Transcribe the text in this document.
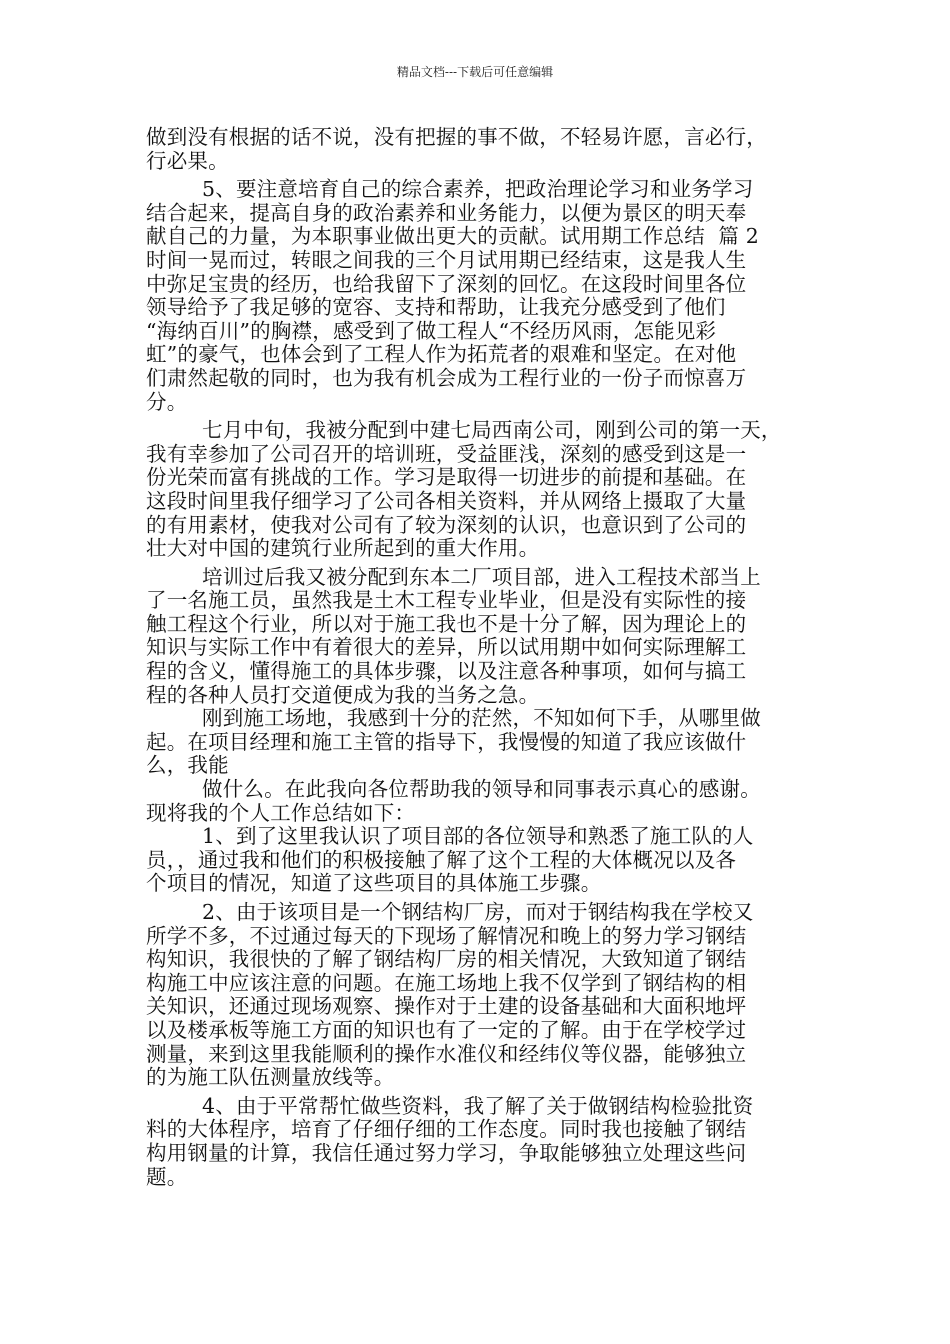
精品文档---下载后可任意编辑
做到没有根据的话不说，没有把握的事不做，不轻易许愿，言必行，
行必果。
5、要注意培育自己的综合素养，把政治理论学习和业务学习
结合起来，提高自身的政治素养和业务能力，以便为景区的明天奉
献自己的力量，为本职事业做出更大的贡献。试用期工作总结  篇 2
时间一晃而过，转眼之间我的三个月试用期已经结束，这是我人生
中弥足宝贵的经历，也给我留下了深刻的回忆。在这段时间里各位
领导给予了我足够的宽容、支持和帮助，让我充分感受到了他们
“海纳百川”的胸襟，感受到了做工程人“不经历风雨，怎能见彩
虹”的豪气，也体会到了工程人作为拓荒者的艰难和坚定。在对他
们肃然起敬的同时，也为我有机会成为工程行业的一份子而惊喜万
分。
七月中旬，我被分配到中建七局西南公司，刚到公司的第一天，
我有幸参加了公司召开的培训班，受益匪浅，深刻的感受到这是一
份光荣而富有挑战的工作。学习是取得一切进步的前提和基础。在
这段时间里我仔细学习了公司各相关资料，并从网络上摄取了大量
的有用素材，使我对公司有了较为深刻的认识，也意识到了公司的
壮大对中国的建筑行业所起到的重大作用。
培训过后我又被分配到东本二厂项目部，进入工程技术部当上
了一名施工员，虽然我是土木工程专业毕业，但是没有实际性的接
触工程这个行业，所以对于施工我也不是十分了解，因为理论上的
知识与实际工作中有着很大的差异，所以试用期中如何实际理解工
程的含义，懂得施工的具体步骤，以及注意各种事项，如何与搞工
程的各种人员打交道便成为我的当务之急。
刚到施工场地，我感到十分的茫然，不知如何下手，从哪里做
起。在项目经理和施工主管的指导下，我慢慢的知道了我应该做什
么，我能
做什么。在此我向各位帮助我的领导和同事表示真心的感谢。
现将我的个人工作总结如下：
1、到了这里我认识了项目部的各位领导和熟悉了施工队的人
员，，通过我和他们的积极接触了解了这个工程的大体概况以及各
个项目的情况，知道了这些项目的具体施工步骤。
2、由于该项目是一个钢结构厂房，而对于钢结构我在学校又
所学不多，不过通过每天的下现场了解情况和晚上的努力学习钢结
构知识，我很快的了解了钢结构厂房的相关情况，大致知道了钢结
构施工中应该注意的问题。在施工场地上我不仅学到了钢结构的相
关知识，还通过现场观察、操作对于土建的设备基础和大面积地坪
以及楼承板等施工方面的知识也有了一定的了解。由于在学校学过
测量，来到这里我能顺利的操作水准仪和经纬仪等仪器，能够独立
的为施工队伍测量放线等。
4、由于平常帮忙做些资料，我了解了关于做钢结构检验批资
料的大体程序，培育了仔细仔细的工作态度。同时我也接触了钢结
构用钢量的计算，我信任通过努力学习，争取能够独立处理这些问
题。
